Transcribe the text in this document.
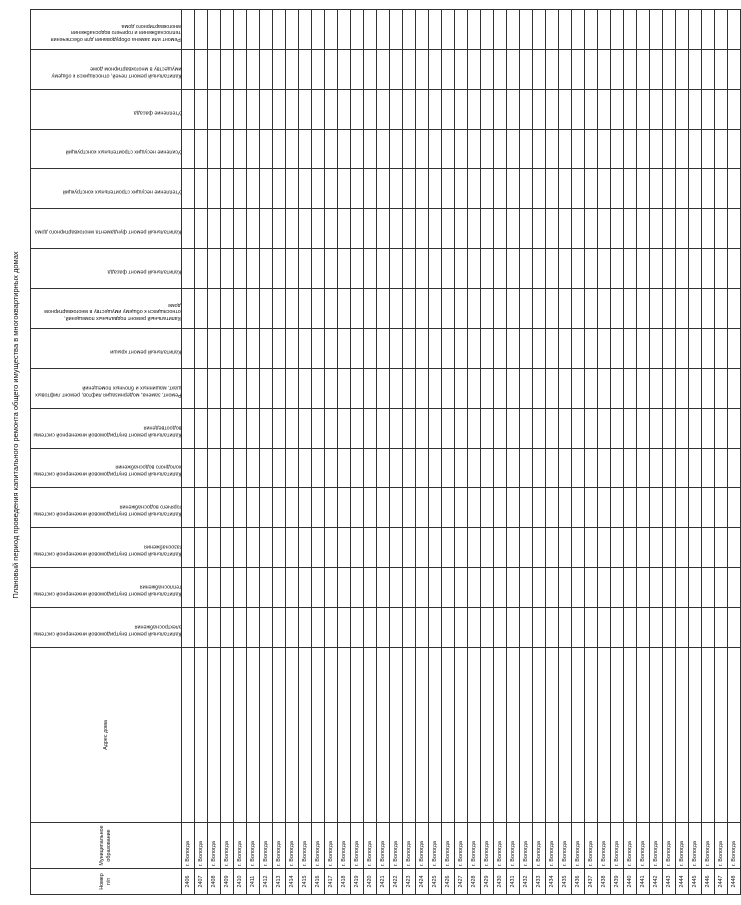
Плановый период проведения капитального ремонта общего имущества в многоквартирных домах
Номер п/п	Муниципальное образование	Адрес дома	Капитальный ремонт внутридомовой инженерной системы электроснабжения	Капитальный ремонт внутридомовой инженерной системы теплоснабжения	Капитальный ремонт внутридомовой инженерной системы газоснабжения	Капитальный ремонт внутридомовой инженерной системы горячего водоснабжения	Капитальный ремонт внутридомовой инженерной системы холодного водоснабжения	Капитальный ремонт внутридомовой инженерной системы водоотведения	Ремонт, замена, модернизация лифтов, ремонт лифтовых шахт, машинных и блочных помещений	Капитальный ремонт крыши	Капитальный ремонт подвальных помещений, относящихся к общему имуществу в многоквартирном доме	Капитальный ремонт фасада	Капитальный ремонт фундамента многоквартирного дома	Утепление несущих строительных конструкций	Усиление несущих строительных конструкций	Утепление фасада	Капитальный ремонт печей, относящихся к общему имуществу в многоквартирном доме	Ремонт или замена оборудования для обеспечения теплоснабжения и горячего водоснабжения многоквартирного дома

2406	г. Вологда																	
2407	г. Вологда																	
2408	г. Вологда																	
2409	г. Вологда																	
2410	г. Вологда																	
2411	г. Вологда																	
2412	г. Вологда																	
2413	г. Вологда																	
2414	г. Вологда																	
2415	г. Вологда																	
2416	г. Вологда																	
2417	г. Вологда																	
2418	г. Вологда																	
2419	г. Вологда																	
2420	г. Вологда																	
2421	г. Вологда																	
2422	г. Вологда																	
2423	г. Вологда																	
2424	г. Вологда																	
2425	г. Вологда																	
2426	г. Вологда																	
2427	г. Вологда																	
2428	г. Вологда																	
2429	г. Вологда																	
2430	г. Вологда																	
2431	г. Вологда																	
2432	г. Вологда																	
2433	г. Вологда																	
2434	г. Вологда																	
2435	г. Вологда																	
2436	г. Вологда																	
2437	г. Вологда																	
2438	г. Вологда																	
2439	г. Вологда																	
2440	г. Вологда																	
2441	г. Вологда																	
2442	г. Вологда																	
2443	г. Вологда																	
2444	г. Вологда																	
2445	г. Вологда																	
2446	г. Вологда																	
2447	г. Вологда																	
2448	г. Вологда																	
